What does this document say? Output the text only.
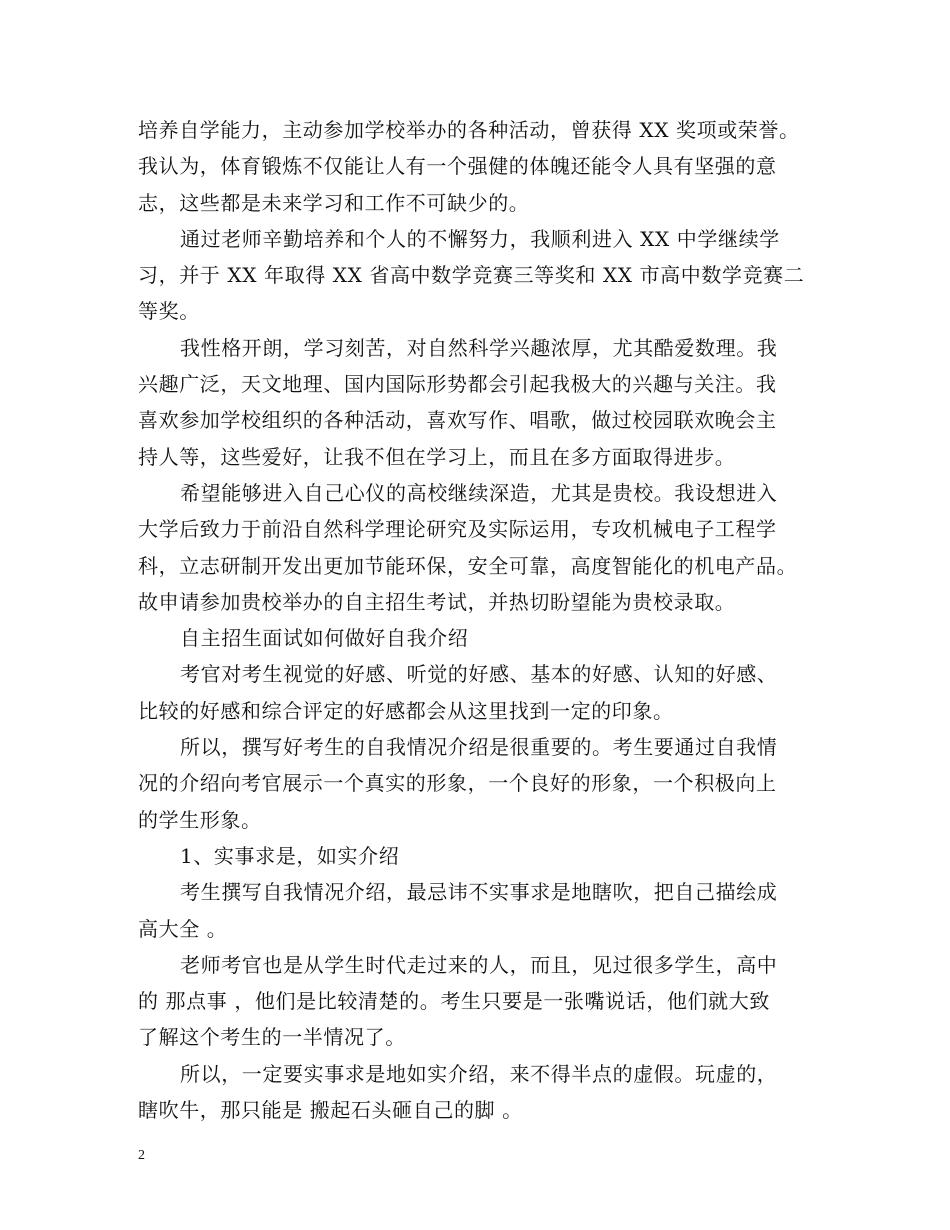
培养自学能力，主动参加学校举办的各种活动，曾获得 XX 奖项或荣誉。
我认为，体育锻炼不仅能让人有一个强健的体魄还能令人具有坚强的意
志，这些都是未来学习和工作不可缺少的。
通过老师辛勤培养和个人的不懈努力，我顺利进入 XX 中学继续学
习，并于 XX 年取得 XX 省高中数学竞赛三等奖和 XX 市高中数学竞赛二
等奖。
我性格开朗，学习刻苦，对自然科学兴趣浓厚，尤其酷爱数理。我
兴趣广泛，天文地理、国内国际形势都会引起我极大的兴趣与关注。我
喜欢参加学校组织的各种活动，喜欢写作、唱歌，做过校园联欢晚会主
持人等，这些爱好，让我不但在学习上，而且在多方面取得进步。
希望能够进入自己心仪的高校继续深造，尤其是贵校。我设想进入
大学后致力于前沿自然科学理论研究及实际运用，专攻机械电子工程学
科，立志研制开发出更加节能环保，安全可靠，高度智能化的机电产品。
故申请参加贵校举办的自主招生考试，并热切盼望能为贵校录取。
自主招生面试如何做好自我介绍
考官对考生视觉的好感、听觉的好感、基本的好感、认知的好感、
比较的好感和综合评定的好感都会从这里找到一定的印象。
所以，撰写好考生的自我情况介绍是很重要的。考生要通过自我情
况的介绍向考官展示一个真实的形象，一个良好的形象，一个积极向上
的学生形象。
1、实事求是，如实介绍
考生撰写自我情况介绍，最忌讳不实事求是地瞎吹，把自己描绘成
高大全 。
老师考官也是从学生时代走过来的人，而且，见过很多学生，高中
的 那点事 ，他们是比较清楚的。考生只要是一张嘴说话，他们就大致
了解这个考生的一半情况了。
所以，一定要实事求是地如实介绍，来不得半点的虚假。玩虚的，
瞎吹牛，那只能是 搬起石头砸自己的脚 。
2
